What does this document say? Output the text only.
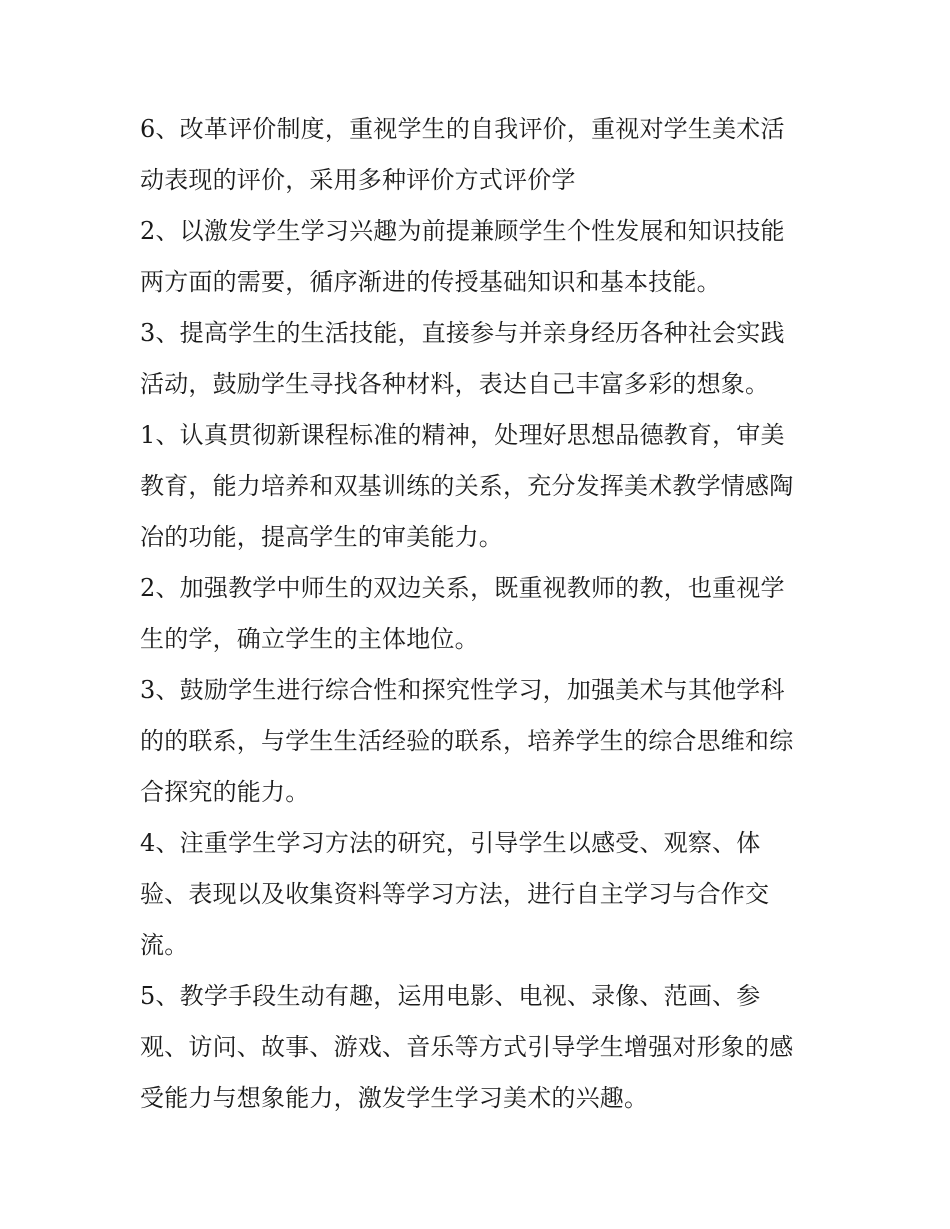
6、改革评价制度，重视学生的自我评价，重视对学生美术活
动表现的评价，采用多种评价方式评价学
2、以激发学生学习兴趣为前提兼顾学生个性发展和知识技能
两方面的需要，循序渐进的传授基础知识和基本技能。
3、提高学生的生活技能，直接参与并亲身经历各种社会实践
活动，鼓励学生寻找各种材料，表达自己丰富多彩的想象。
1、认真贯彻新课程标准的精神，处理好思想品德教育，审美
教育，能力培养和双基训练的关系，充分发挥美术教学情感陶
冶的功能，提高学生的审美能力。
2、加强教学中师生的双边关系，既重视教师的教，也重视学
生的学，确立学生的主体地位。
3、鼓励学生进行综合性和探究性学习，加强美术与其他学科
的的联系，与学生生活经验的联系，培养学生的综合思维和综
合探究的能力。
4、注重学生学习方法的研究，引导学生以感受、观察、体
验、表现以及收集资料等学习方法，进行自主学习与合作交
流。
5、教学手段生动有趣，运用电影、电视、录像、范画、参
观、访问、故事、游戏、音乐等方式引导学生增强对形象的感
受能力与想象能力，激发学生学习美术的兴趣。
